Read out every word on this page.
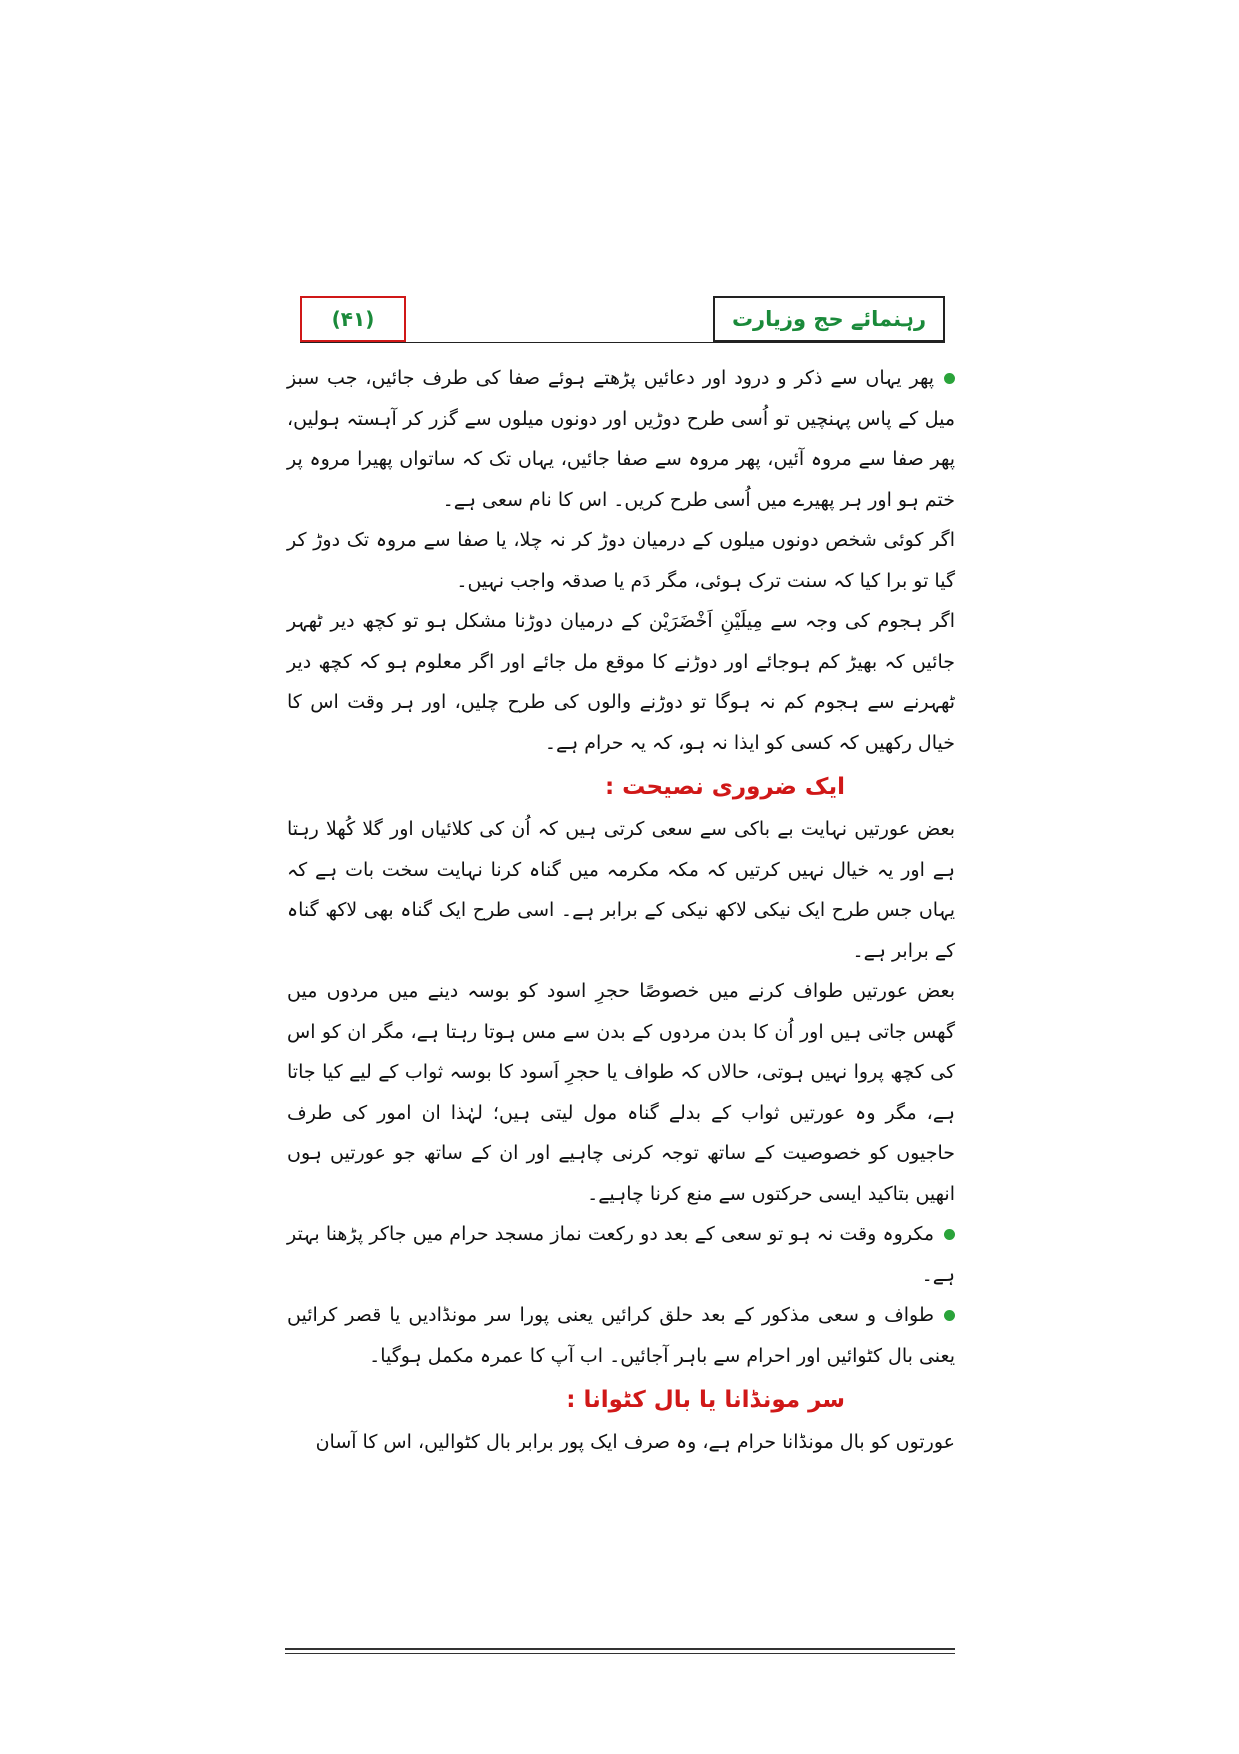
(۴۱)	رہنمائے حج وزیارت

پھر یہاں سے ذکر و درود اور دعائیں پڑھتے ہوئے صفا کی طرف جائیں، جب سبز میل کے پاس پہنچیں تو اُسی طرح دوڑیں اور دونوں میلوں سے گزر کر آہستہ ہولیں، پھر صفا سے مروہ آئیں، پھر مروہ سے صفا جائیں، یہاں تک کہ ساتواں پھیرا مروہ پر ختم ہو اور ہر پھیرے میں اُسی طرح کریں۔ اس کا نام سعی ہے۔

اگر کوئی شخص دونوں میلوں کے درمیان دوڑ کر نہ چلا، یا صفا سے مروہ تک دوڑ کر گیا تو برا کیا کہ سنت ترک ہوئی، مگر دَم یا صدقہ واجب نہیں۔

اگر ہجوم کی وجہ سے مِیلَیْنِ اَخْضَرَیْن کے درمیان دوڑنا مشکل ہو تو کچھ دیر ٹھہر جائیں کہ بھیڑ کم ہوجائے اور دوڑنے کا موقع مل جائے اور اگر معلوم ہو کہ کچھ دیر ٹھہرنے سے ہجوم کم نہ ہوگا تو دوڑنے والوں کی طرح چلیں، اور ہر وقت اس کا خیال رکھیں کہ کسی کو ایذا نہ ہو، کہ یہ حرام ہے۔

ایک ضروری نصیحت :

بعض عورتیں نہایت بے باکی سے سعی کرتی ہیں کہ اُن کی کلائیاں اور گلا کُھلا رہتا ہے اور یہ خیال نہیں کرتیں کہ مکہ مکرمہ میں گناہ کرنا نہایت سخت بات ہے کہ یہاں جس طرح ایک نیکی لاکھ نیکی کے برابر ہے۔ اسی طرح ایک گناہ بھی لاکھ گناہ کے برابر ہے۔

بعض عورتیں طواف کرنے میں خصوصًا حجرِ اسود کو بوسہ دینے میں مردوں میں گھس جاتی ہیں اور اُن کا بدن مردوں کے بدن سے مس ہوتا رہتا ہے، مگر ان کو اس کی کچھ پروا نہیں ہوتی، حالاں کہ طواف یا حجرِ اَسود کا بوسہ ثواب کے لیے کیا جاتا ہے، مگر وہ عورتیں ثواب کے بدلے گناہ مول لیتی ہیں؛ لہٰذا ان امور کی طرف حاجیوں کو خصوصیت کے ساتھ توجہ کرنی چاہیے اور ان کے ساتھ جو عورتیں ہوں انھیں بتاکید ایسی حرکتوں سے منع کرنا چاہیے۔

مکروہ وقت نہ ہو تو سعی کے بعد دو رکعت نماز مسجد حرام میں جاکر پڑھنا بہتر ہے۔

طواف و سعی مذکور کے بعد حلق کرائیں یعنی پورا سر مونڈادیں یا قصر کرائیں یعنی بال کٹوائیں اور احرام سے باہر آجائیں۔ اب آپ کا عمرہ مکمل ہوگیا۔

سر مونڈانا یا بال کٹوانا :

عورتوں کو بال مونڈانا حرام ہے، وہ صرف ایک پور برابر بال کٹوالیں، اس کا آسان
